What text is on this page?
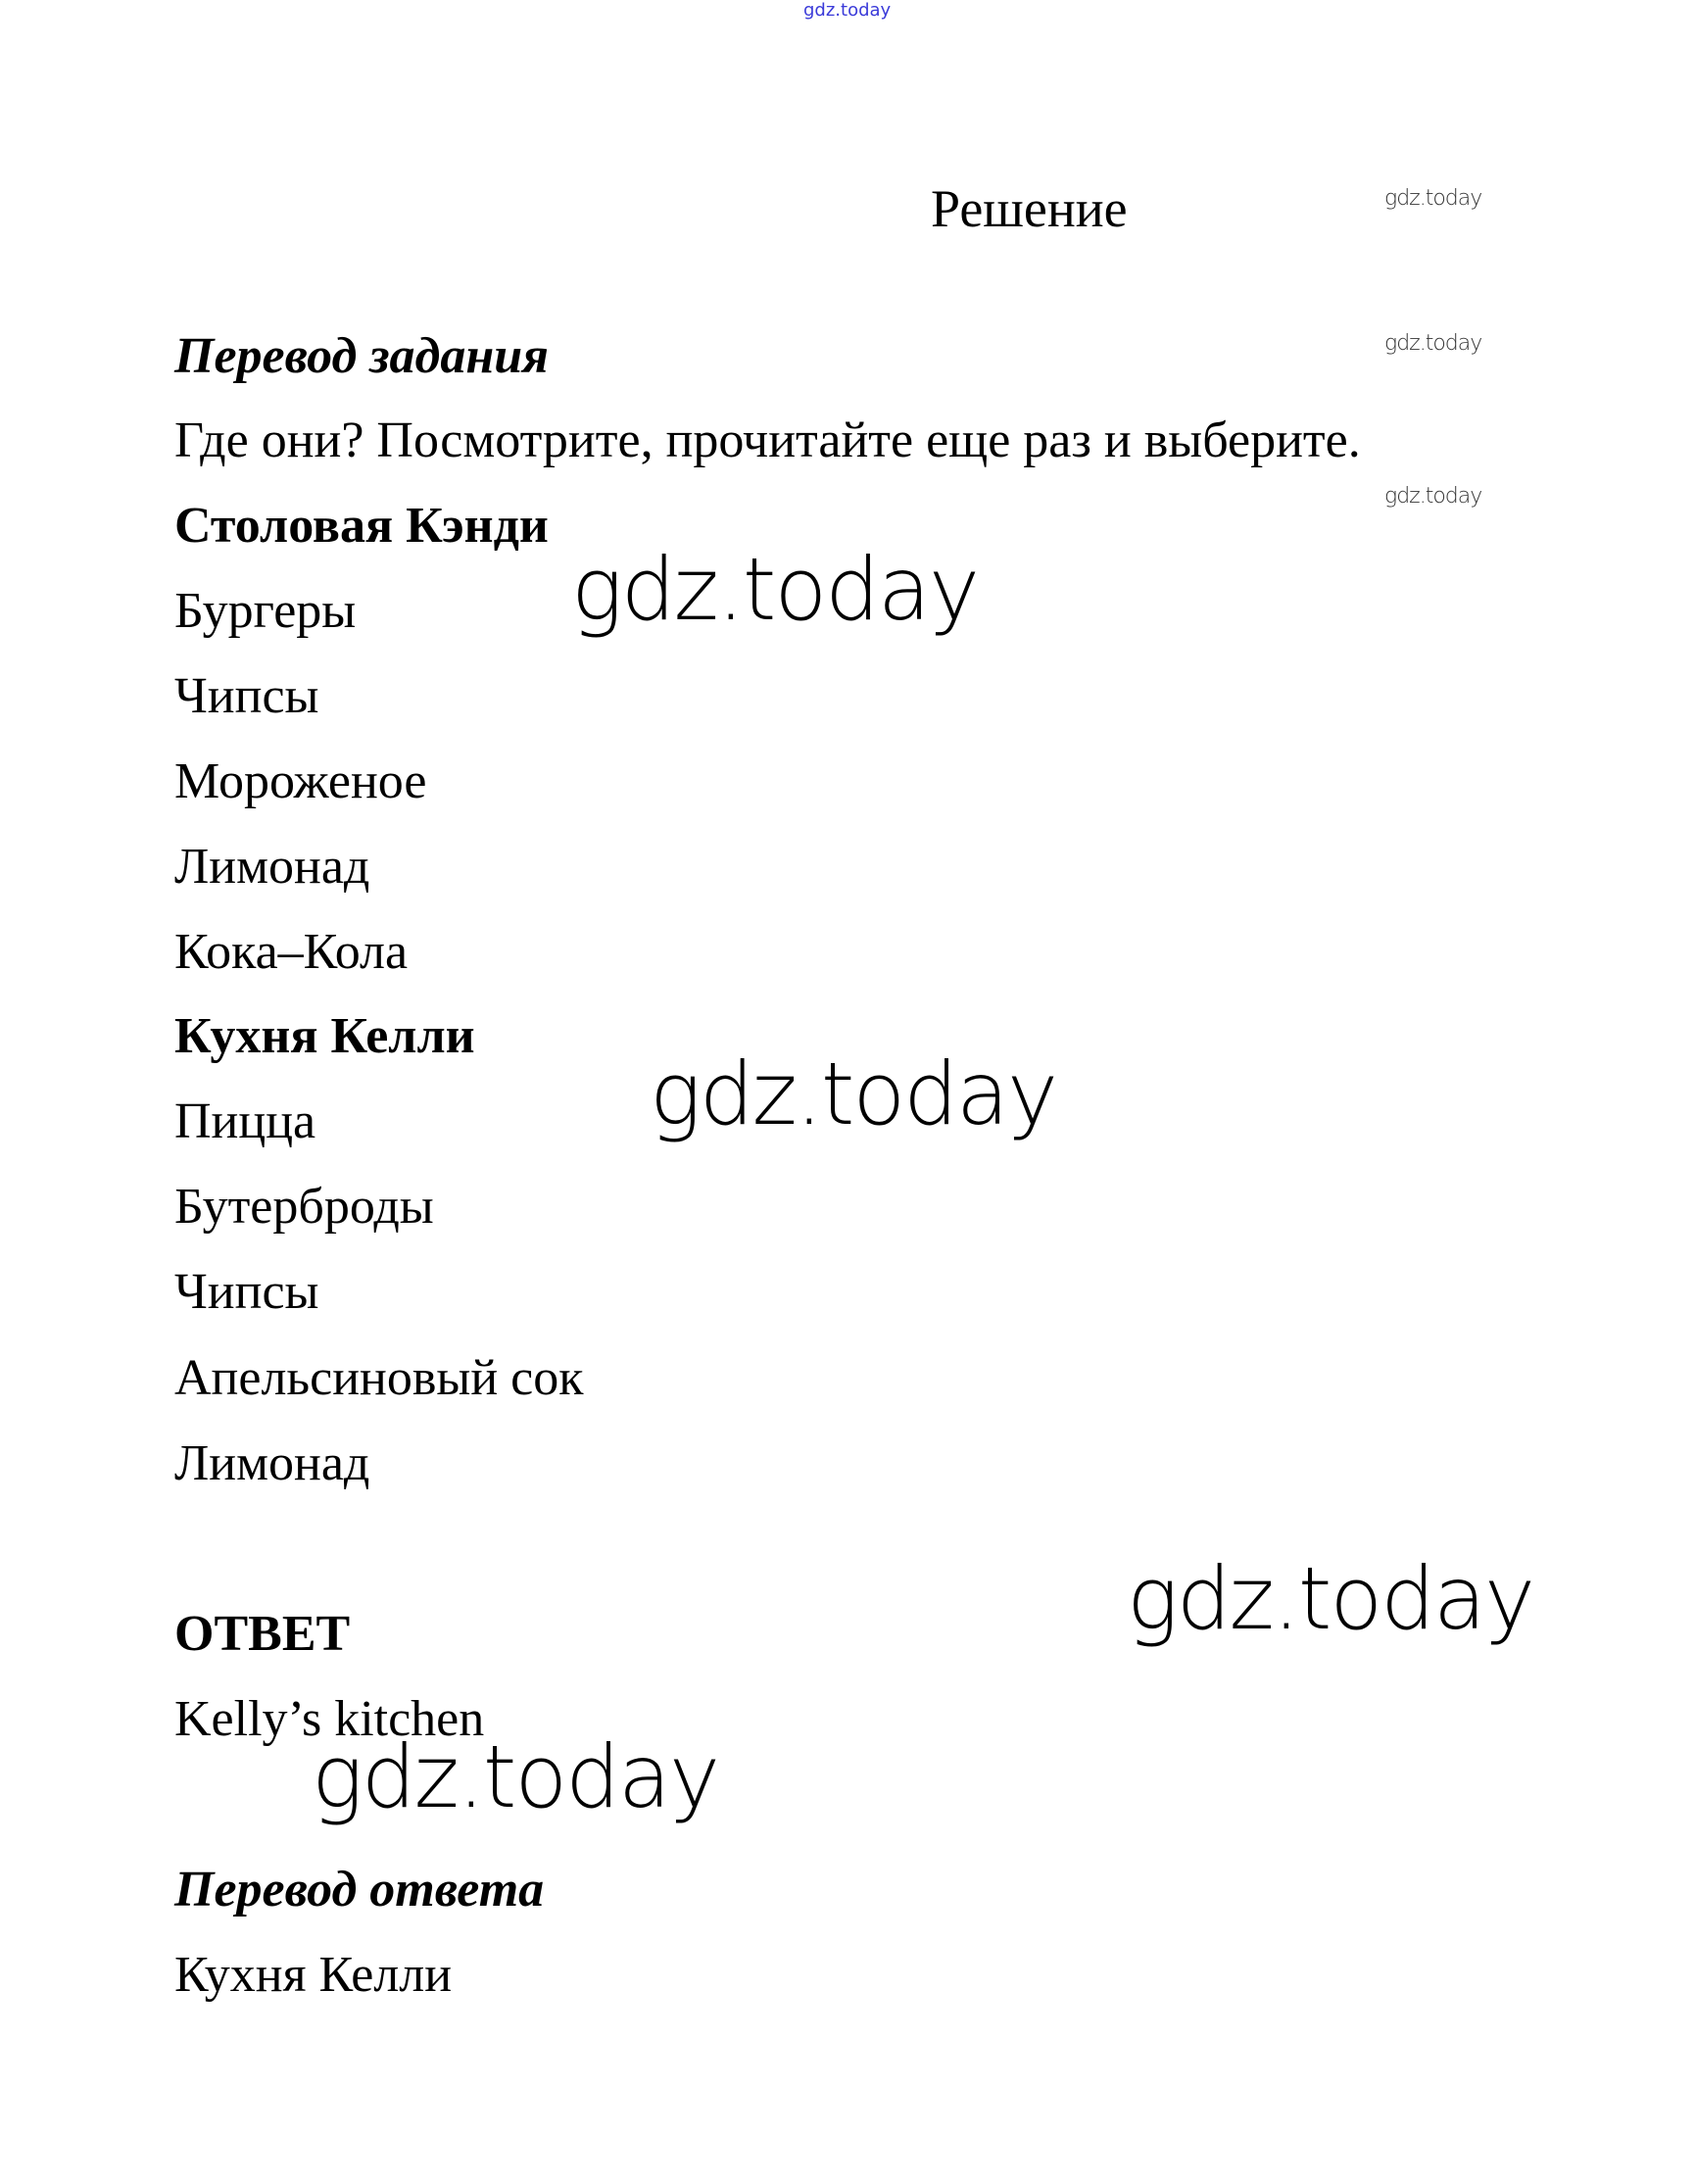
gdz.today
Решение	gdz.today
Перевод задания	gdz.today
Где они? Посмотрите, прочитайте еще раз и выберите.
gdz.today
Столовая Кэнди
Бургеры gdz.today
Чипсы
Мороженое
Лимонад
Кока–Кола
Кухня Келли
gdz.today
Пицца
Бутерброды
Чипсы
Апельсиновый сок
Лимонад
gdz.today
ОТВЕТ
Kelly’s kitchen
gdz.today
Перевод ответа
Кухня Келли
